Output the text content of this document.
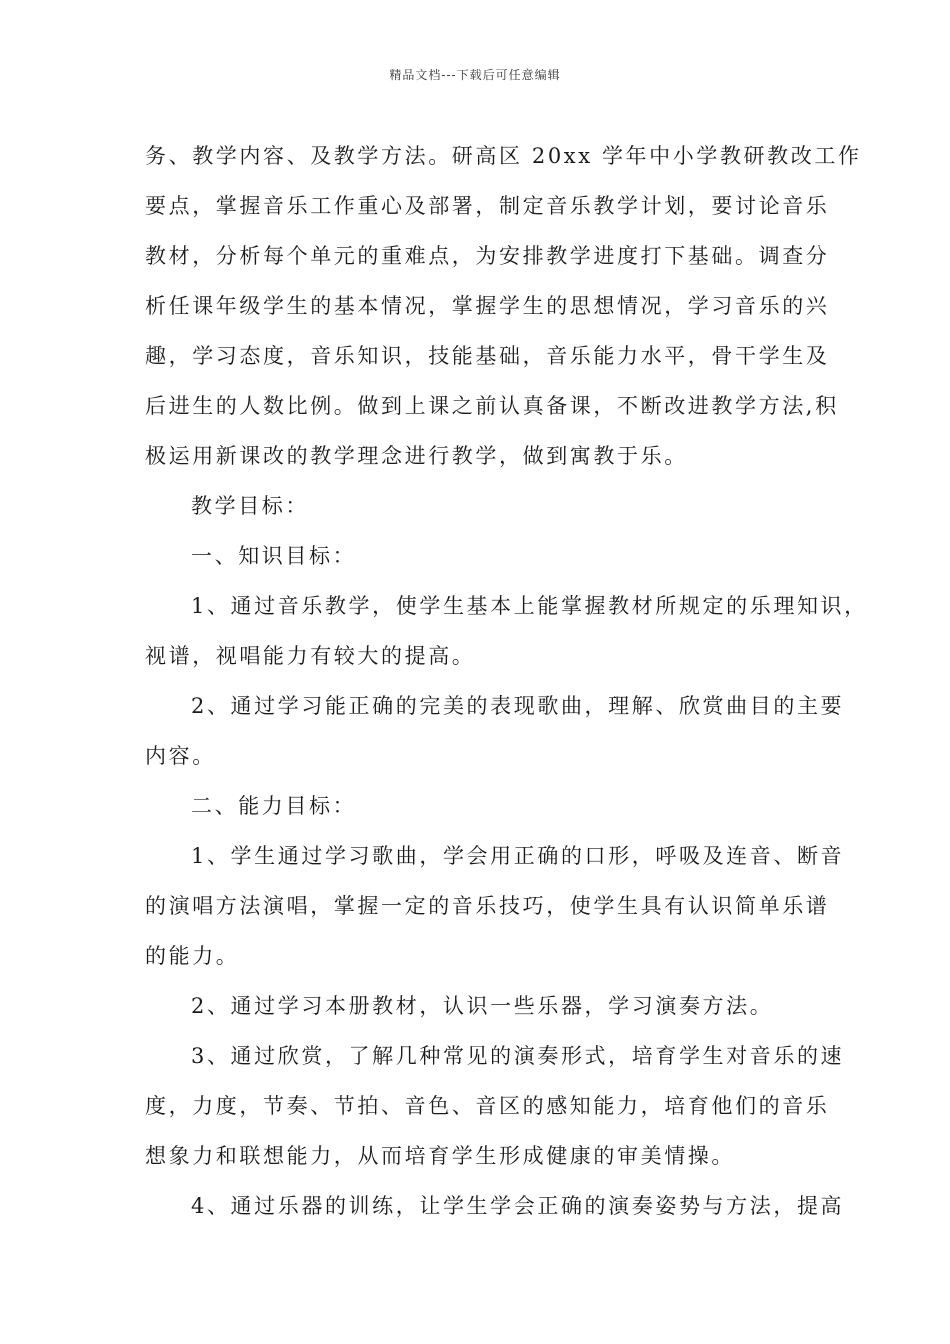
精品文档---下载后可任意编辑
务、教学内容、及教学方法。研高区 20xx 学年中小学教研教改工作
要点，掌握音乐工作重心及部署，制定音乐教学计划，要讨论音乐
教材，分析每个单元的重难点，为安排教学进度打下基础。调查分
析任课年级学生的基本情况，掌握学生的思想情况，学习音乐的兴
趣，学习态度，音乐知识，技能基础，音乐能力水平，骨干学生及
后进生的人数比例。做到上课之前认真备课，不断改进教学方法,积
极运用新课改的教学理念进行教学，做到寓教于乐。
教学目标：
一、知识目标：
1、通过音乐教学，使学生基本上能掌握教材所规定的乐理知识，
视谱，视唱能力有较大的提高。
2、通过学习能正确的完美的表现歌曲，理解、欣赏曲目的主要
内容。
二、能力目标：
1、学生通过学习歌曲，学会用正确的口形，呼吸及连音、断音
的演唱方法演唱，掌握一定的音乐技巧，使学生具有认识简单乐谱
的能力。
2、通过学习本册教材，认识一些乐器，学习演奏方法。
3、通过欣赏，了解几种常见的演奏形式，培育学生对音乐的速
度，力度，节奏、节拍、音色、音区的感知能力，培育他们的音乐
想象力和联想能力，从而培育学生形成健康的审美情操。
4、通过乐器的训练，让学生学会正确的演奏姿势与方法，提高
